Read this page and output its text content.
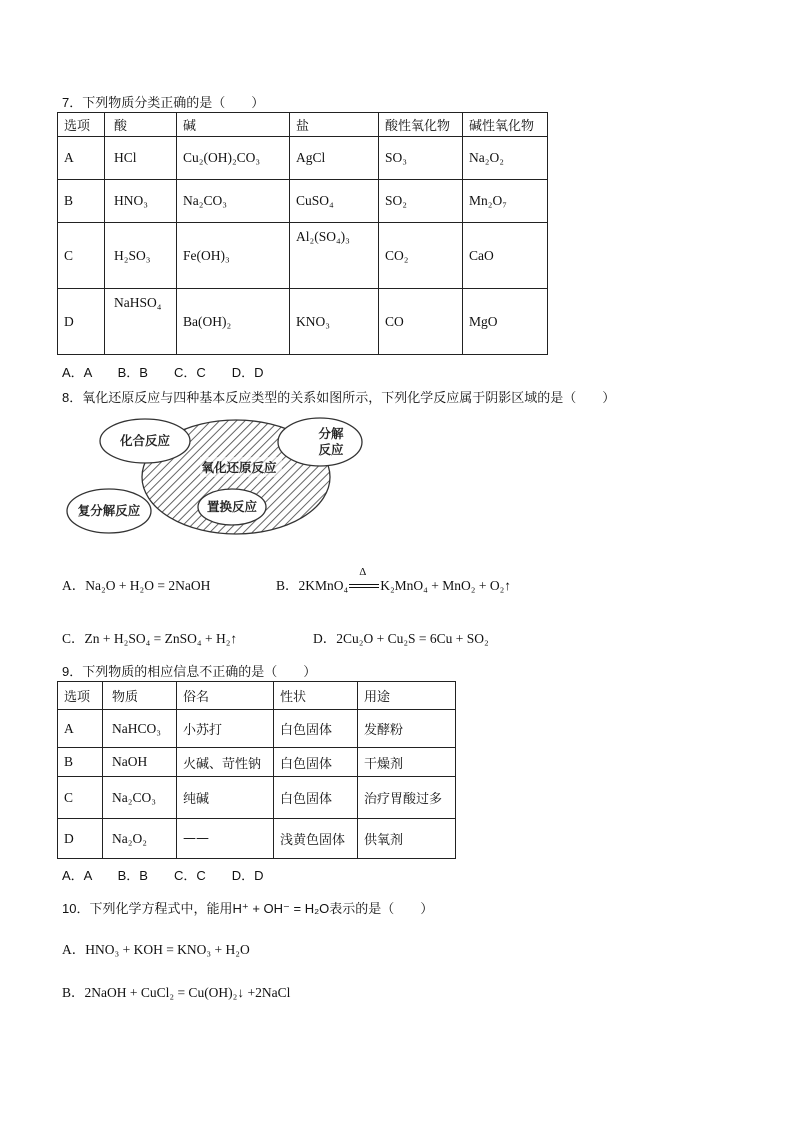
7．下列物质分类正确的是（　　）
选项	酸	碱	盐	酸性氧化物	碱性氧化物
A	HCl	Cu₂(OH)₂CO₃	AgCl	SO₃	Na₂O₂
B	HNO₃	Na₂CO₃	CuSO₄	SO₂	Mn₂O₇
C	H₂SO₃	Fe(OH)₃	Al₂(SO₄)₃	CO₂	CaO
D	NaHSO₄	Ba(OH)₂	KNO₃	CO	MgO
A．A　　B．B　　C．C　　D．D
8．氧化还原反应与四种基本反应类型的关系如图所示，下列化学反应属于阴影区域的是（　　）
化合反应	分解
反应
氧化还原反应
复分解反应	置换反应
A．Na₂O + H₂O = 2NaOH	B．2KMnO₄
Δ
K₂MnO₄ + MnO₂ + O₂↑
C．Zn + H₂SO₄ = ZnSO₄ + H₂↑	D．2Cu₂O + Cu₂S = 6Cu + SO₂
9．下列物质的相应信息不正确的是（　　）
选项	物质	俗名	性状	用途
A	NaHCO₃	小苏打	白色固体	发酵粉
B	NaOH	火碱、苛性钠	白色固体	干燥剂
C	Na₂CO₃	纯碱	白色固体	治疗胃酸过多
D	Na₂O₂	——	浅黄色固体	供氧剂
A．A　　B．B　　C．C　　D．D
10．下列化学方程式中，能用H⁺ + OH⁻ = H₂O表示的是（　　）
A．HNO₃ + KOH = KNO₃ + H₂O
B．2NaOH + CuCl₂ = Cu(OH)₂↓ +2NaCl
